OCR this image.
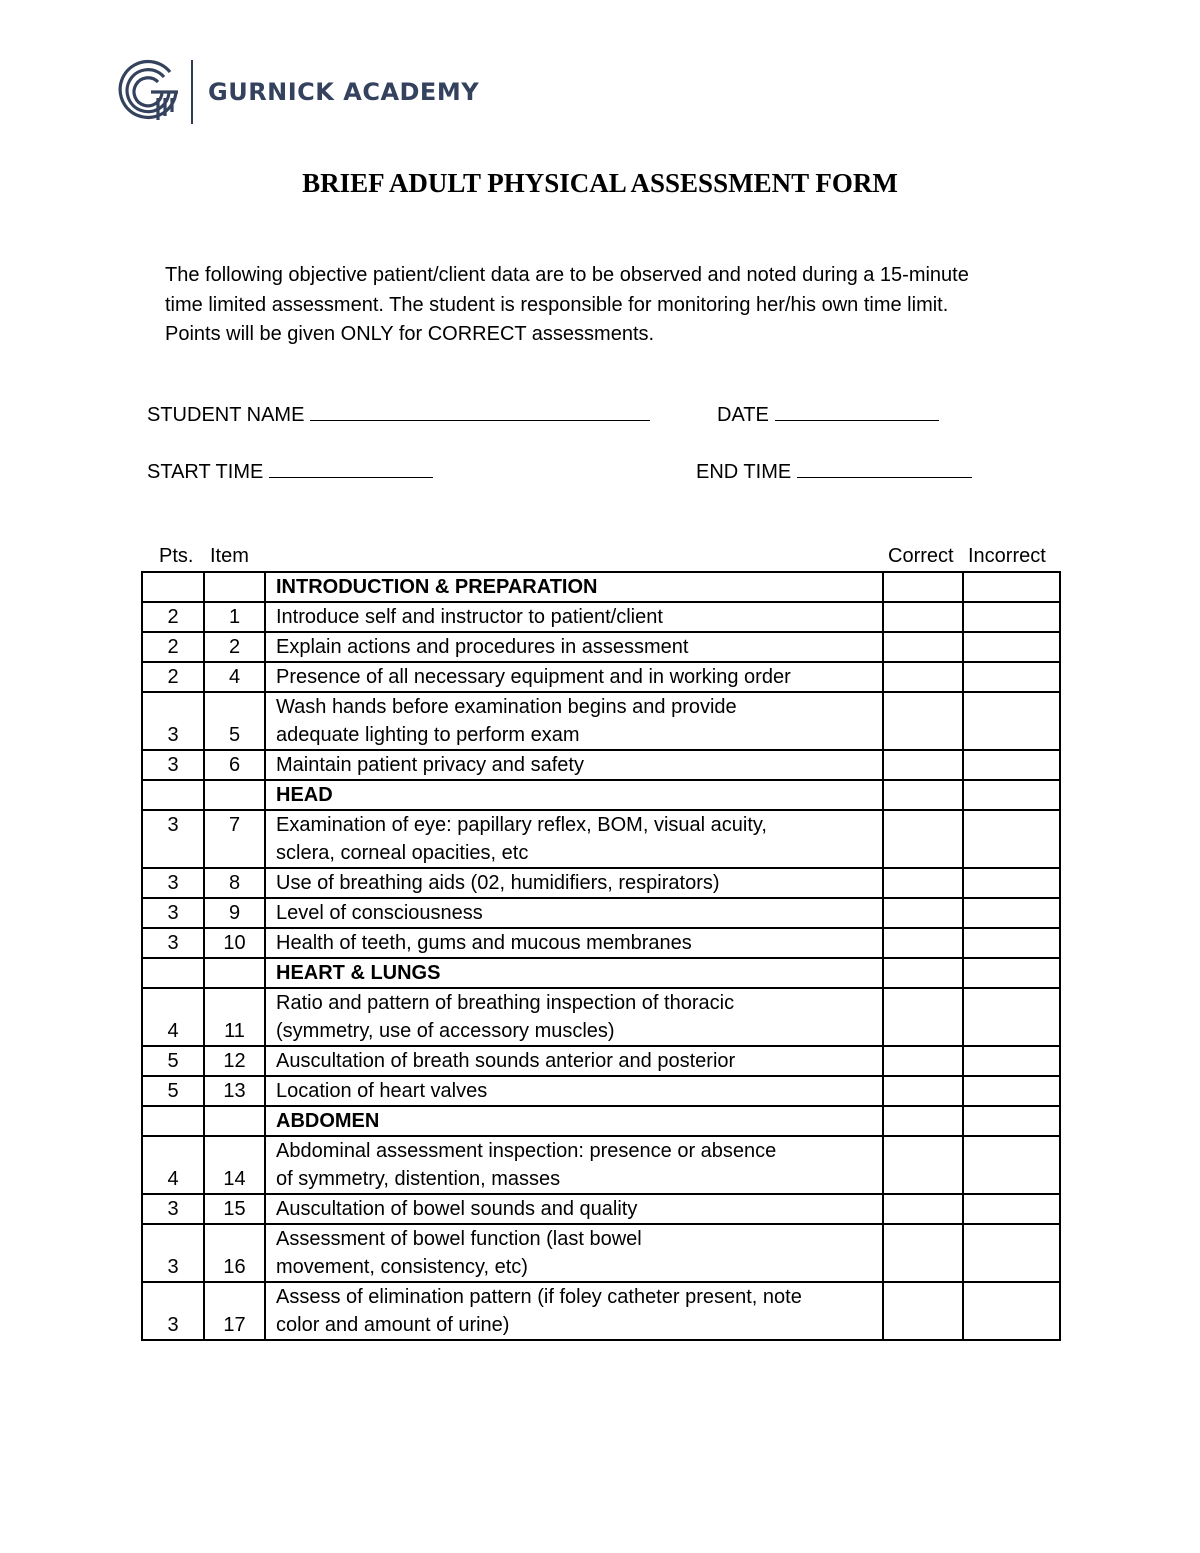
GURNICK ACADEMY
BRIEF ADULT PHYSICAL ASSESSMENT FORM
The following objective patient/client data are to be observed and noted during a 15-minute
time limited assessment. The student is responsible for monitoring her/his own time limit.
Points will be given ONLY for CORRECT assessments.
STUDENT NAME	DATE
START TIME	END TIME
Pts. Item	Correct Incorrect

		INTRODUCTION & PREPARATION		

2	1	Introduce self and instructor to patient/client		

2	2	Explain actions and procedures in assessment		

2	4	Presence of all necessary equipment and in working order		

3	5	Wash hands before examination begins and provide
adequate lighting to perform exam		

3	6	Maintain patient privacy and safety		

		HEAD		

3	7	Examination of eye: papillary reflex, BOM, visual acuity,
sclera, corneal opacities, etc		

3	8	Use of breathing aids (02, humidifiers, respirators)		

3	9	Level of consciousness		

3	10	Health of teeth, gums and mucous membranes		

		HEART & LUNGS		

4	11	Ratio and pattern of breathing inspection of thoracic
(symmetry, use of accessory muscles)		

5	12	Auscultation of breath sounds anterior and posterior		

5	13	Location of heart valves		

		ABDOMEN		

4	14	Abdominal assessment inspection: presence or absence
of symmetry, distention, masses		

3	15	Auscultation of bowel sounds and quality		

3	16	Assessment of bowel function (last bowel
movement, consistency, etc)		

3	17	Assess of elimination pattern (if foley catheter present, note
color and amount of urine)		
